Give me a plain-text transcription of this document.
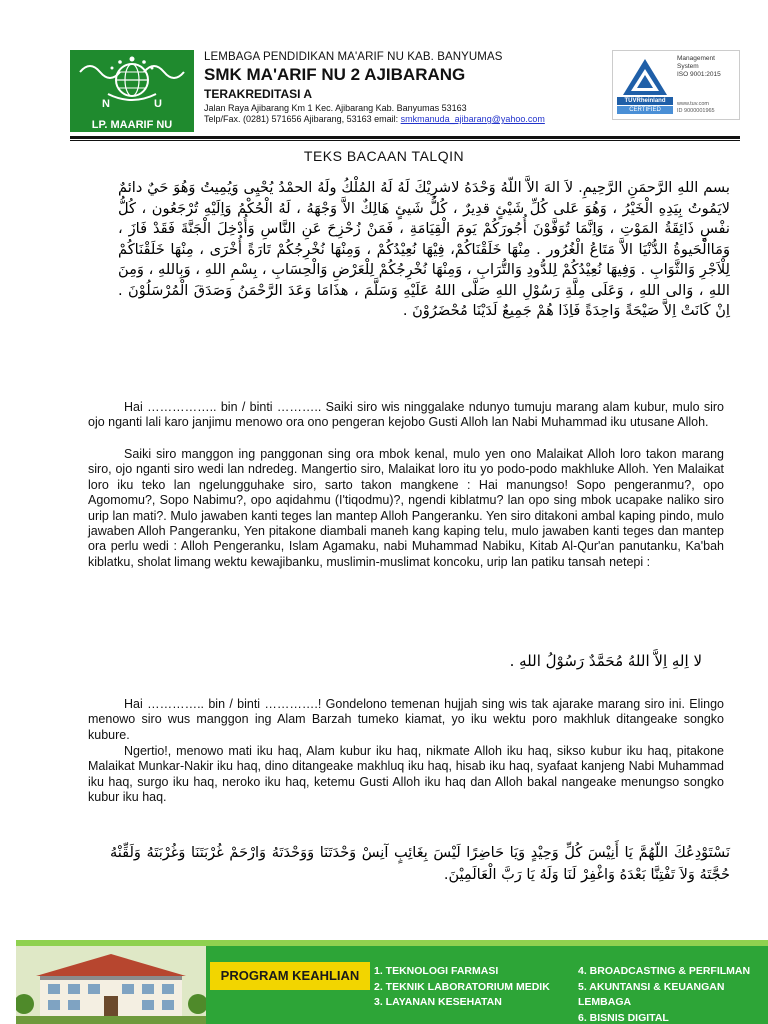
N	U
LP. MAARIF NU
LEMBAGA PENDIDIKAN MA'ARIF NU KAB. BANYUMAS
SMK MA'ARIF NU 2 AJIBARANG
TERAKREDITASI A
Jalan Raya Ajibarang Km 1 Kec. Ajibarang Kab. Banyumas 53163
Telp/Fax. (0281) 571656 Ajibarang, 53163 email: smkmanuda_ajibarang@yahoo.com
TÜVRheinland
CERTIFIED
Management
System
ISO 9001:2015
www.tuv.com
ID 9000001965
TEKS BACAAN TALQIN
بسم اللهِ الرَّحمَنِ الرَّحِيمِ. لاَ الهَ الاَّ اللّهُ وَحْدَهُ لاشرِيْكَ لَهُ لَهُ المُلْكُ ولَهُ الحمْدُ يُحْيِى وَيُمِيتُ وَهُوَ حَيٌ دائمٌ لايَمُوتُ بِيَدِهِ الْخَيْرُ ، وَهُوَ عَلى كُلِّ شَيْئٍ قدِيرٌ ، كُلُّ شَيئٍ هَالِكٌ الاَّ وَجْهَهُ ، لَهُ الْحُكْمُ وَاِلَيْهِ تُرْجَعُون ، كُلُّ نفْسٍ ذَائِقَةُ المَوْتِ ، وَاِنَّمَا تُوَفَّوْنَ أُجُورَكُمْ يَومَ الْقِيَامَةِ ، فَمَنْ زُحْزِحَ عَنِ النَّاسِ وَأُدْخِلَ الْجَنَّةَ فَقَدْ فَازَ ، وَمَاالْحَيوةُ الدُّنْيَا الاَّ مَتَاعُ الْغُرُور . مِنْهَا خَلَقْنَاكُمْ، فِيْهَا نُعِيْدُكُمْ ، وَمِنْهَا نُخْرِجُكُمْ تَارَةً أُخْرَى ، مِنْهَا خَلَقْنَاكُمْ لِلْاَجْرِ وَالثَّوَابِ . وَفِيهَا نُعِيْدُكُمْ لِلدُّودِ وَالتُّرَابِ ، وَمِنْهَا نُخْرِجُكُمْ لِلْعَرْضِ وَالْحِسَابِ ، بِسْمِ اللهِ ، وَبِاللهِ ، وَمِنَ اللهِ ، وَالى اللهِ ، وَعَلَى مِلَّةِ رَسُوْلِ اللهِ صَلَّى اللهُ عَلَيْهِ وَسَلَّمَ ، هذَامَا وَعَدَ الرَّحْمَنُ وَصَدَقَ الْمُرْسَلُوْنَ . اِنْ كَانَتْ اِلاَّ صَيْحَةً وَاحِدَةً فَاِذَا هُمْ جَمِيعٌ لَدَيْنَا مُحْضَرُوْنَ .
Hai …………….. bin / binti ……….. Saiki siro wis ninggalake ndunyo tumuju marang alam kubur, mulo siro ojo nganti lali karo janjimu menowo ora ono pengeran kejobo Gusti Alloh lan Nabi Muhammad iku utusane Alloh.
Saiki siro manggon ing panggonan sing ora mbok kenal, mulo yen ono Malaikat Alloh loro takon marang siro, ojo nganti siro wedi lan ndredeg. Mangertio siro, Malaikat loro itu yo podo-podo makhluke Alloh. Yen Malaikat loro iku teko lan ngelungguhake siro, sarto takon mangkene : Hai manungso! Sopo pengeranmu?, opo Agomomu?, Sopo Nabimu?, opo aqidahmu (I'tiqodmu)?, ngendi kiblatmu? lan opo sing mbok ucapake naliko siro urip lan mati?. Mulo jawaben kanti teges lan mantep Alloh Pangeranku. Yen siro ditakoni ambal kaping pindo, mulo jawaben Alloh Pangeranku, Yen pitakone diambali maneh kang kaping telu, mulo jawaben kanti teges dan mantep ora perlu wedi : Alloh Pengeranku, Islam Agamaku, nabi Muhammad Nabiku, Kitab Al-Qur'an panutanku, Ka'bah kiblatku, sholat limang wektu kewajibanku, muslimin-muslimat koncoku, urip lan patiku tansah netepi :
لا اِلهِ اِلاَّ اللهُ مُحَمَّدٌ رَسُوْلُ اللهِ .
Hai ………….. bin / binti ………….! Gondelono temenan hujjah sing wis tak ajarake marang siro ini. Elingo menowo siro wus manggon ing Alam Barzah tumeko kiamat, yo iku wektu poro makhluk ditangeake songko kubure.
Ngertio!, menowo mati iku haq, Alam kubur iku haq, nikmate Alloh iku haq, sikso kubur iku haq, pitakone Malaikat Munkar-Nakir iku haq, dino ditangeake makhluq iku haq, hisab iku haq, syafaat kanjeng Nabi Muhammad iku haq, surgo iku haq, neroko iku haq, ketemu Gusti Alloh iku haq dan Alloh bakal nangeake menungso songko kubur iku haq.
نَسْتَوْدِعُكَ اللّهُمَّ يَا أَنِيْسَ كُلِّ وَحِيْدٍ وَيَا حَاضِرًا لَيْسَ بِغَائِبٍ آنِسْ وَحْدَتَنَا وَوَحْدَتَهُ وَارْحَمْ غُرْبَتَنَا وَغُرْبَتَهُ وَلَقِّنْهُ حُجَّتَهُ وَلاَ تَفْتِنَّا بَعْدَهُ وَاغْفِرْ لَنَا وَلَهُ يَا رَبَّ الْعَالَمِيْنَ.
PROGRAM KEAHLIAN	1. TEKNOLOGI FARMASI
2. TEKNIK LABORATORIUM MEDIK
3. LAYANAN KESEHATAN
4. BROADCASTING & PERFILMAN
5. AKUNTANSI & KEUANGAN LEMBAGA
6. BISNIS DIGITAL
